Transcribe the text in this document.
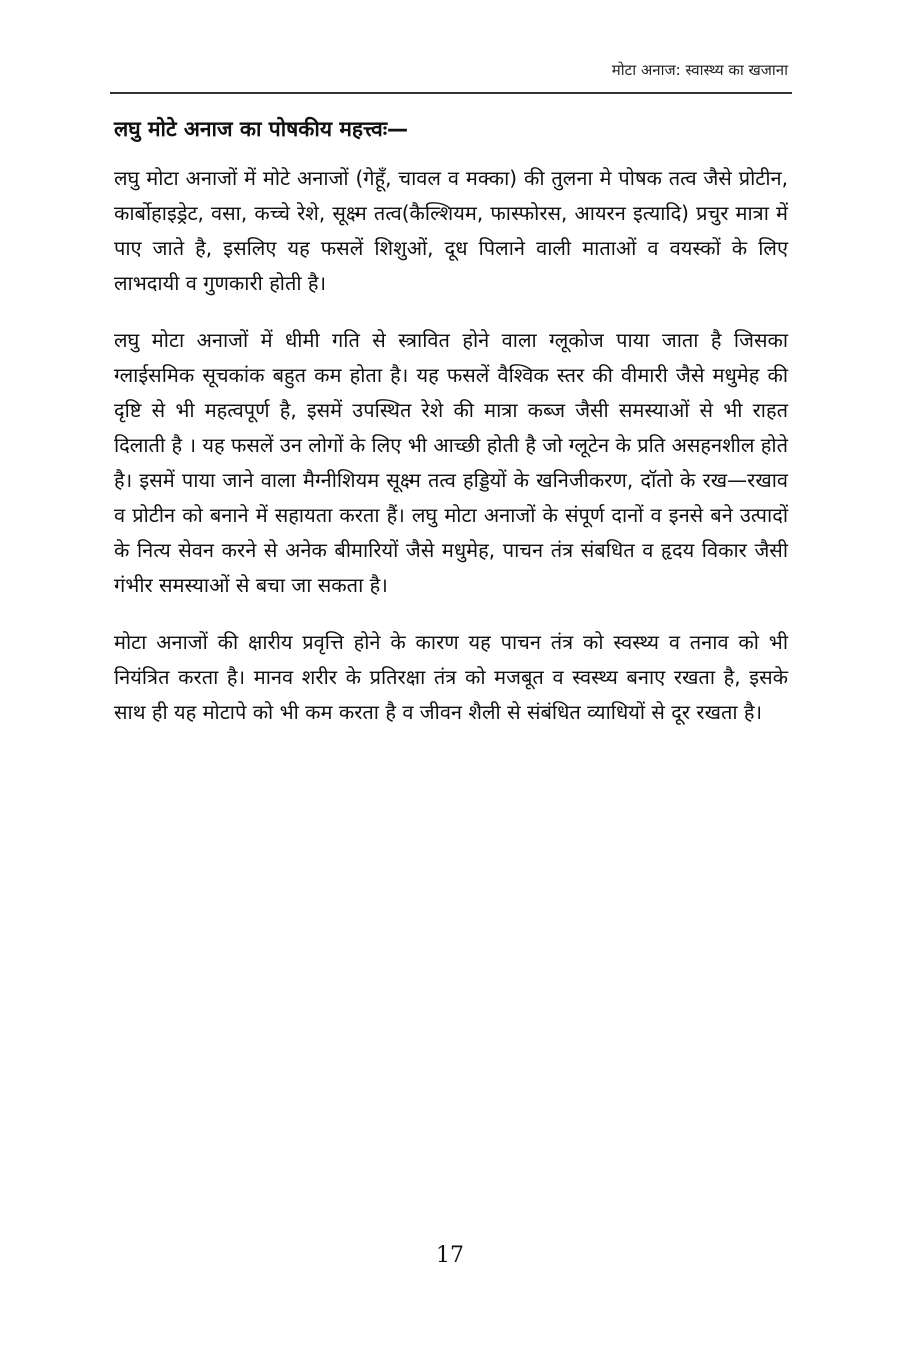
मोटा अनाज: स्वास्थ्य का खजाना
लघु मोटे अनाज का पोषकीय महत्त्वः—

लघु मोटा अनाजों में मोटे अनाजों (गेहूँ, चावल व मक्का) की तुलना मे पोषक तत्व जैसे प्रोटीन, कार्बोहाइड्रेट, वसा, कच्चे रेशे, सूक्ष्म तत्व(कैल्शियम, फास्फोरस, आयरन इत्यादि) प्रचुर मात्रा में पाए जाते है, इसलिए यह फसलें शिशुओं, दूध पिलाने वाली माताओं व वयस्कों के लिए लाभदायी व गुणकारी होती है।

लघु मोटा अनाजों में धीमी गति से स्त्रावित होने वाला ग्लूकोज पाया जाता है जिसका ग्लाईसमिक सूचकांक बहुत कम होता है। यह फसलें वैश्विक स्तर की वीमारी जैसे मधुमेह की दृष्टि से भी महत्वपूर्ण है, इसमें उपस्थित रेशे की मात्रा कब्ज जैसी समस्याओं से भी राहत दिलाती है । यह फसलें उन लोगों के लिए भी आच्छी होती है जो ग्लूटेन के प्रति असहनशील होते है। इसमें पाया जाने वाला मैग्नीशियम सूक्ष्म तत्व हड्डियों के खनिजीकरण, दॉतो के रख—रखाव व प्रोटीन को बनाने में सहायता करता हैं। लघु मोटा अनाजों के संपूर्ण दानों व इनसे बने उत्पादों के नित्य सेवन करने से अनेक बीमारियों जैसे मधुमेह, पाचन तंत्र संबधित व हृदय विकार जैसी गंभीर समस्याओं से बचा जा सकता है।

मोटा अनाजों की क्षारीय प्रवृत्ति होने के कारण यह पाचन तंत्र को स्वस्थ्य व तनाव को भी नियंत्रित करता है। मानव शरीर के प्रतिरक्षा तंत्र को मजबूत व स्वस्थ्य बनाए रखता है, इसके साथ ही यह मोटापे को भी कम करता है व जीवन शैली से संबंधित व्याधियों से दूर रखता है।

17
